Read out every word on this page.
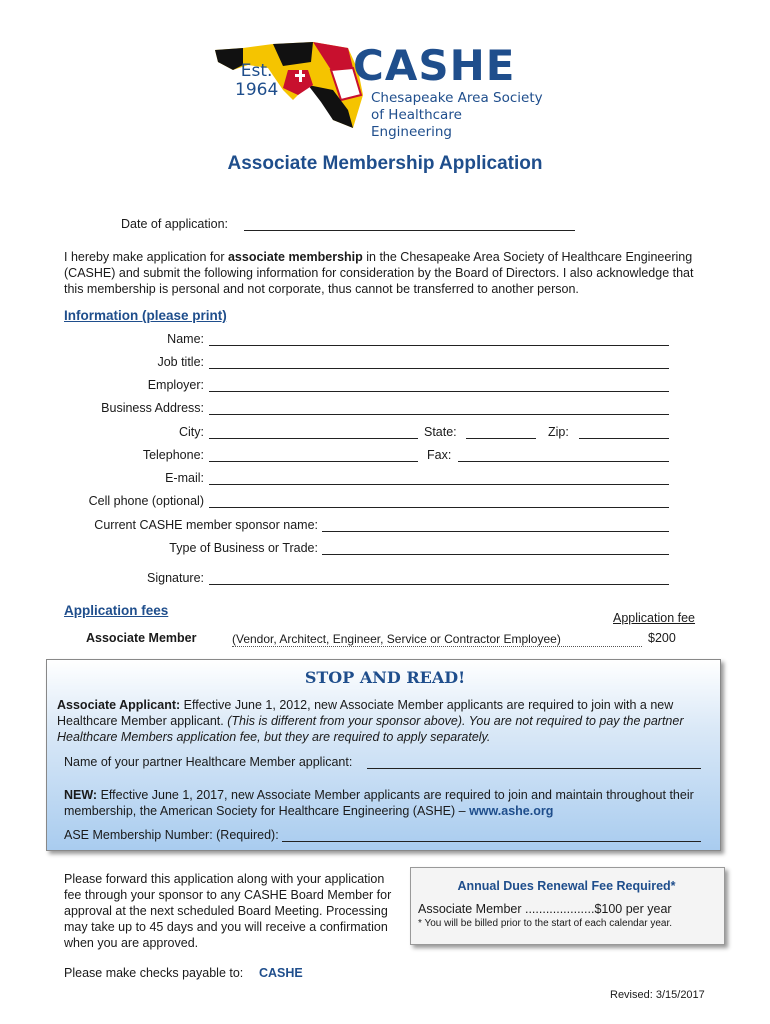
Est.
1964 CASHE
Chesapeake Area Society
of Healthcare Engineering
Associate Membership Application
Date of application:
I hereby make application for associate membership in the Chesapeake Area Society of Healthcare Engineering (CASHE) and submit the following information for consideration by the Board of Directors. I also acknowledge that this membership is personal and not corporate, thus cannot be transferred to another person.
Information (please print)
Name:
Job title:
Employer:
Business Address:
City:	State:	Zip:
Telephone:	Fax:
E-mail:
Cell phone (optional)
Current CASHE member sponsor name:
Type of Business or Trade:
Signature:
Application fees	Application fee
Associate Member	(Vendor, Architect, Engineer, Service or Contractor Employee)	$200
STOP AND READ!
Associate Applicant: Effective June 1, 2012, new Associate Member applicants are required to join with a new Healthcare Member applicant. (This is different from your sponsor above). You are not required to pay the partner Healthcare Members application fee, but they are required to apply separately.
Name of your partner Healthcare Member applicant:
NEW: Effective June 1, 2017, new Associate Member applicants are required to join and maintain throughout their membership, the American Society for Healthcare Engineering (ASHE) – www.ashe.org
ASE Membership Number: (Required):
Please forward this application along with your application fee through your sponsor to any CASHE Board Member for approval at the next scheduled Board Meeting. Processing may take up to 45 days and you will receive a confirmation when you are approved.
Annual Dues Renewal Fee Required*
Associate Member ....................$100 per year
* You will be billed prior to the start of each calendar year.
Please make checks payable to: CASHE
Revised: 3/15/2017
